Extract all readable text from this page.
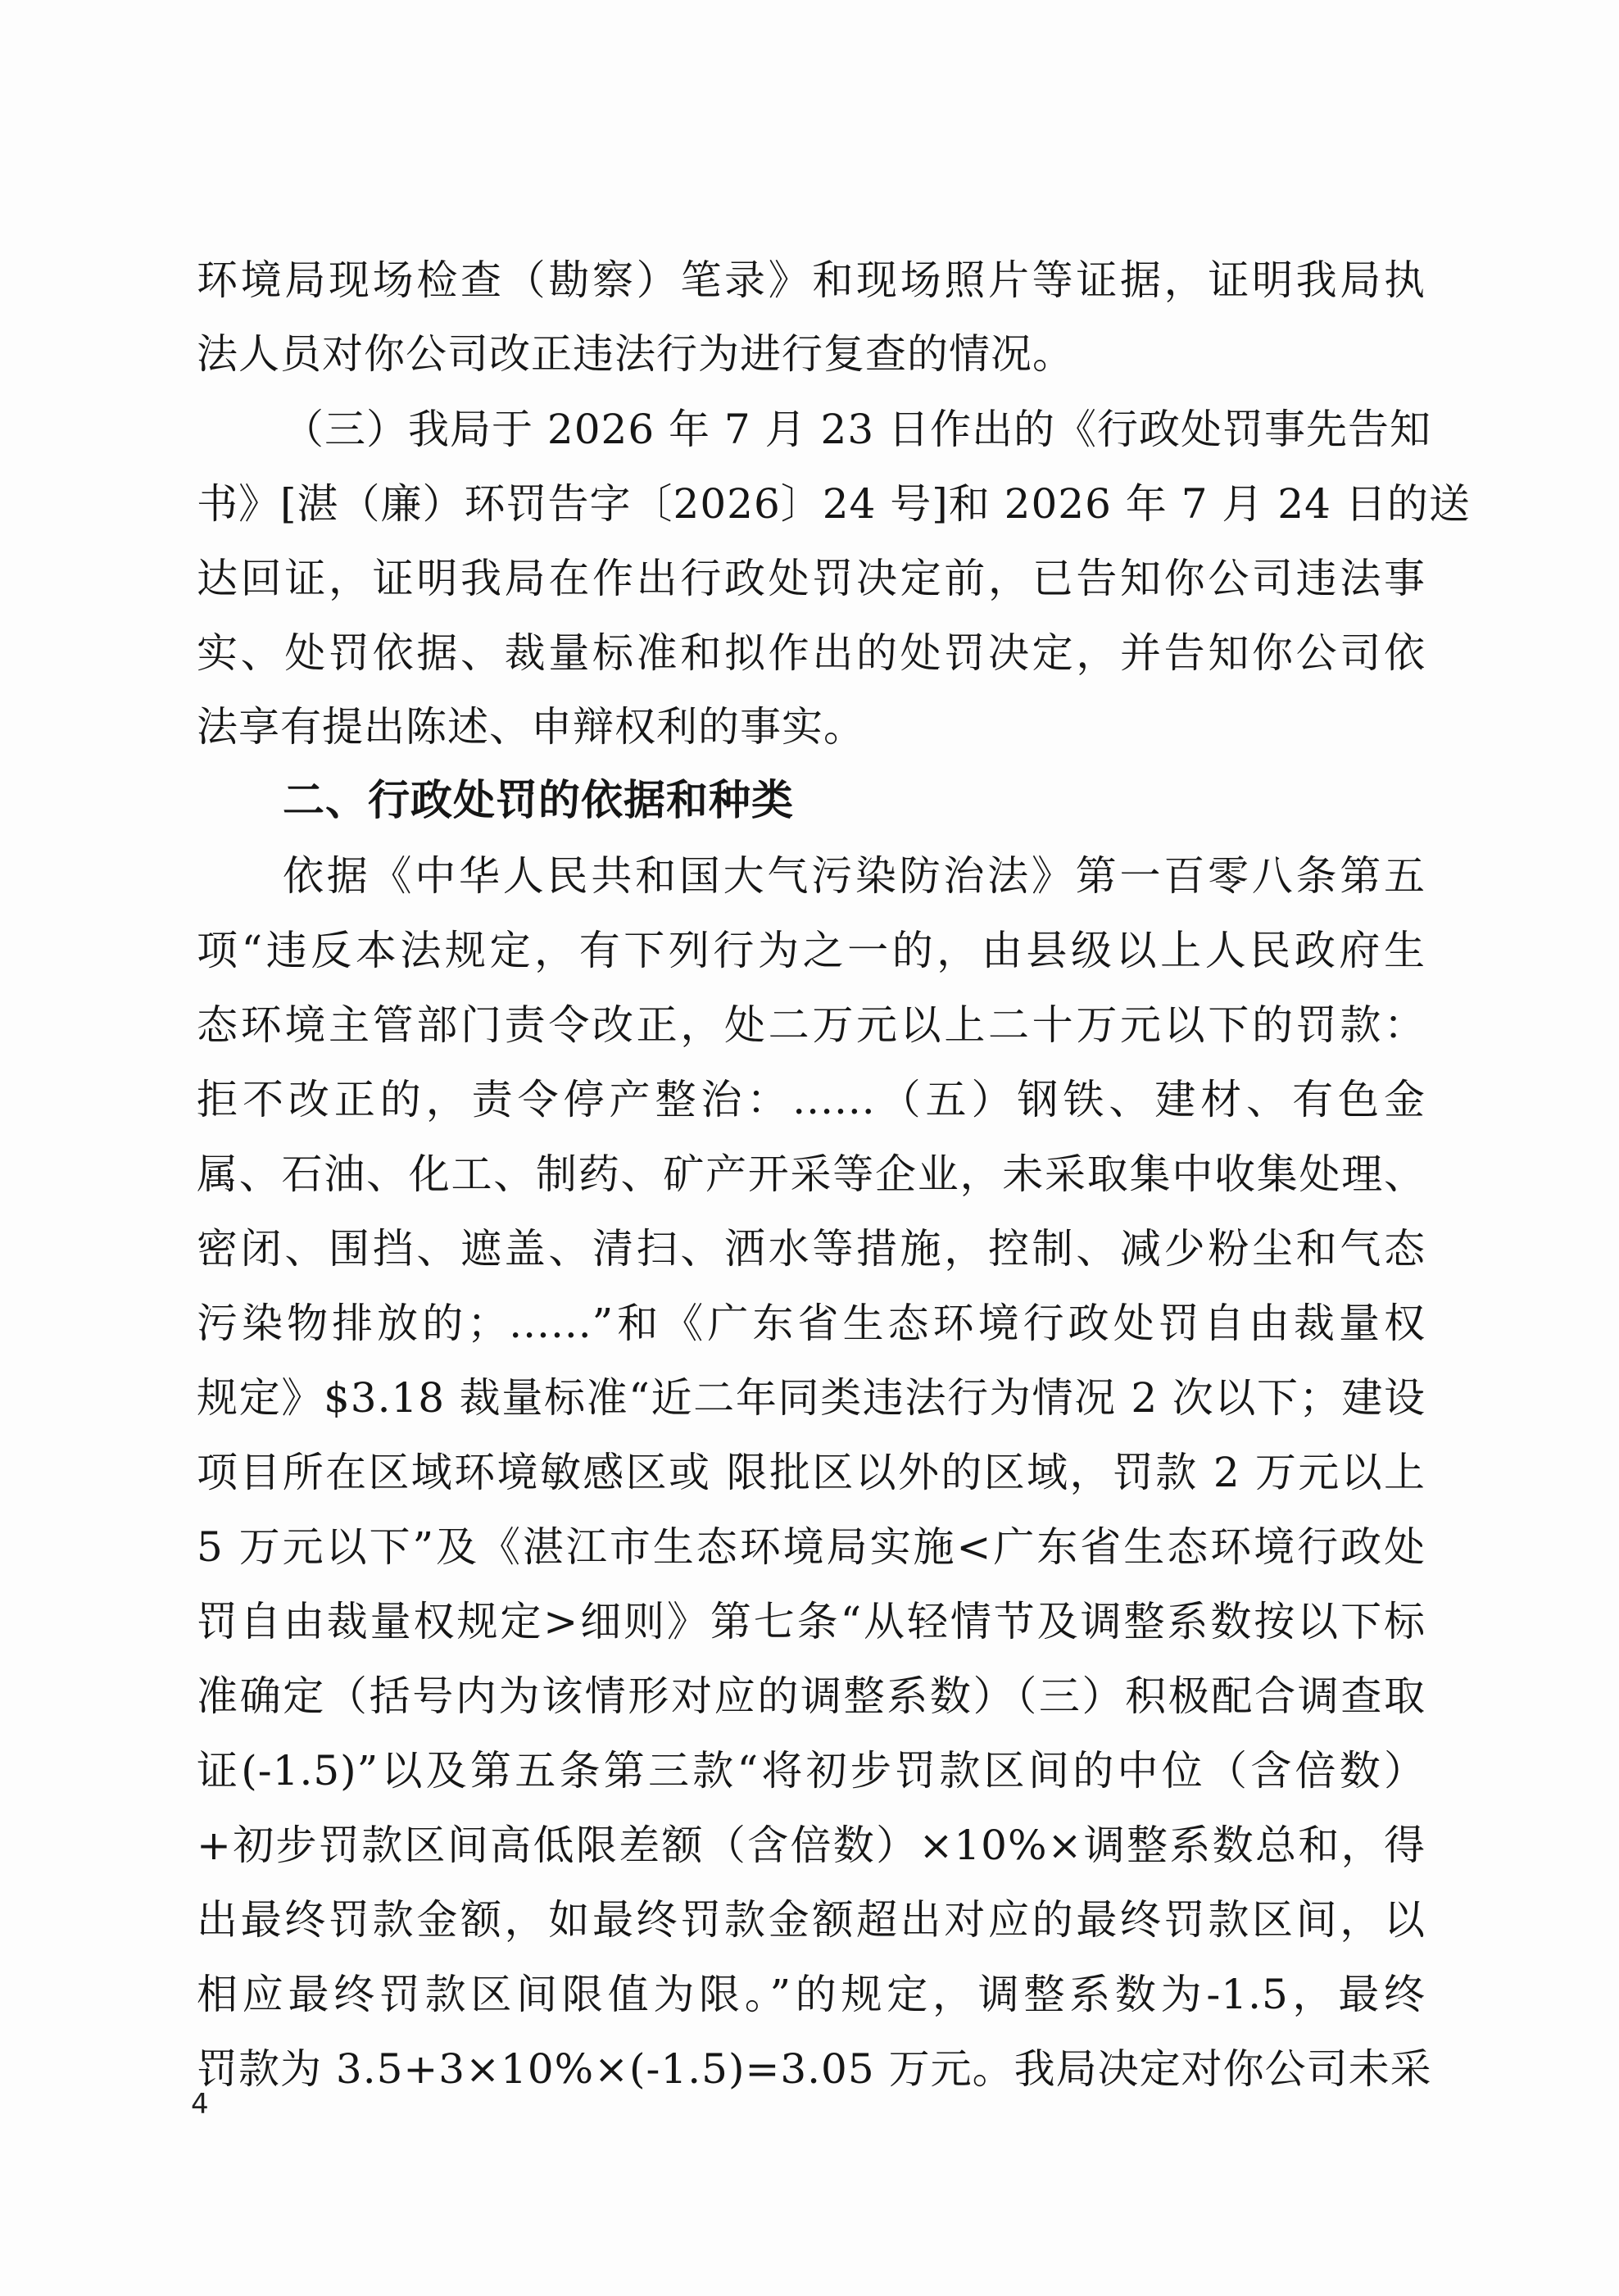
环境局现场检查（勘察）笔录》和现场照片等证据，证明我局执
法人员对你公司改正违法行为进行复查的情况。
（三）我局于 2026 年 7 月 23 日作出的《行政处罚事先告知
书》[湛（廉）环罚告字〔2026〕24 号]和 2026 年 7 月 24 日的送
达回证，证明我局在作出行政处罚决定前，已告知你公司违法事
实、处罚依据、裁量标准和拟作出的处罚决定，并告知你公司依
法享有提出陈述、申辩权利的事实。
二、行政处罚的依据和种类
依据《中华人民共和国大气污染防治法》第一百零八条第五
项“违反本法规定，有下列行为之一的，由县级以上人民政府生
态环境主管部门责令改正，处二万元以上二十万元以下的罚款：
拒不改正的，责令停产整治：......（五）钢铁、建材、有色金
属、石油、化工、制药、矿产开采等企业，未采取集中收集处理、
密闭、围挡、遮盖、清扫、洒水等措施，控制、减少粉尘和气态
污染物排放的；......”和《广东省生态环境行政处罚自由裁量权
规定》$3.18 裁量标准“近二年同类违法行为情况 2 次以下；建设
项目所在区域环境敏感区或 限批区以外的区域，罚款 2 万元以上
5 万元以下”及《湛江市生态环境局实施<广东省生态环境行政处
罚自由裁量权规定>细则》第七条“从轻情节及调整系数按以下标
准确定（括号内为该情形对应的调整系数）（三）积极配合调查取
证(-1.5)”以及第五条第三款“将初步罚款区间的中位（含倍数）
+初步罚款区间高低限差额（含倍数）×10%×调整系数总和，得
出最终罚款金额，如最终罚款金额超出对应的最终罚款区间，以
相应最终罚款区间限值为限。”的规定，调整系数为-1.5，最终
罚款为 3.5+3×10%×(-1.5)=3.05 万元。我局决定对你公司未采
4
